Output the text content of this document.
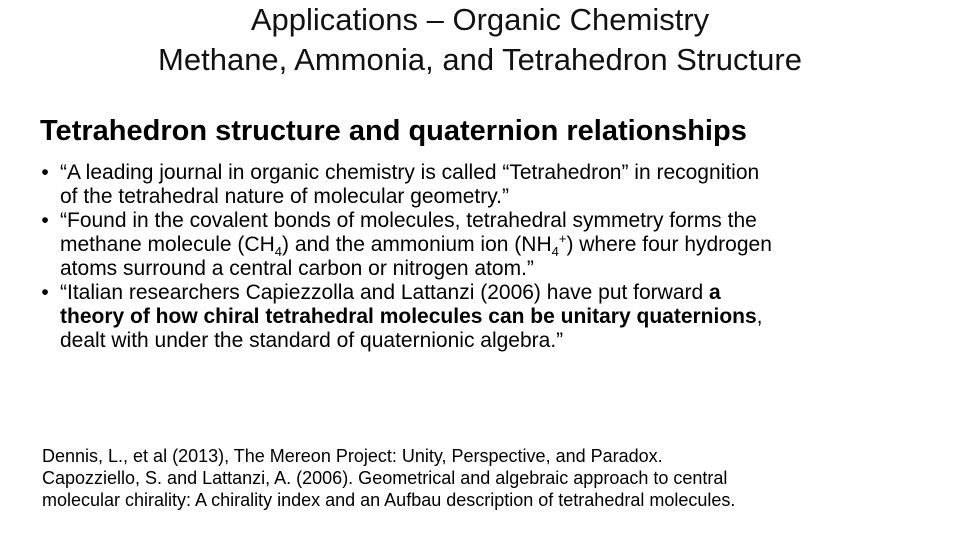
Applications – Organic Chemistry
Methane, Ammonia, and Tetrahedron Structure
Tetrahedron structure and quaternion relationships
• “A leading journal in organic chemistry is called “Tetrahedron” in recognition
of the tetrahedral nature of molecular geometry.”
• “Found in the covalent bonds of molecules, tetrahedral symmetry forms the
methane molecule $(CH_4)$ and the ammonium ion $(NH_4^+)$ where four hydrogen
atoms surround a central carbon or nitrogen atom.”
• “Italian researchers Capiezzolla and Lattanzi (2006) have put forward a
theory of how chiral tetrahedral molecules can be unitary quaternions,
dealt with under the standard of quaternionic algebra.”
Dennis, L., et al (2013), The Mereon Project: Unity, Perspective, and Paradox.
Capozziello, S. and Lattanzi, A. (2006). Geometrical and algebraic approach to central
molecular chirality: A chirality index and an Aufbau description of tetrahedral molecules.
